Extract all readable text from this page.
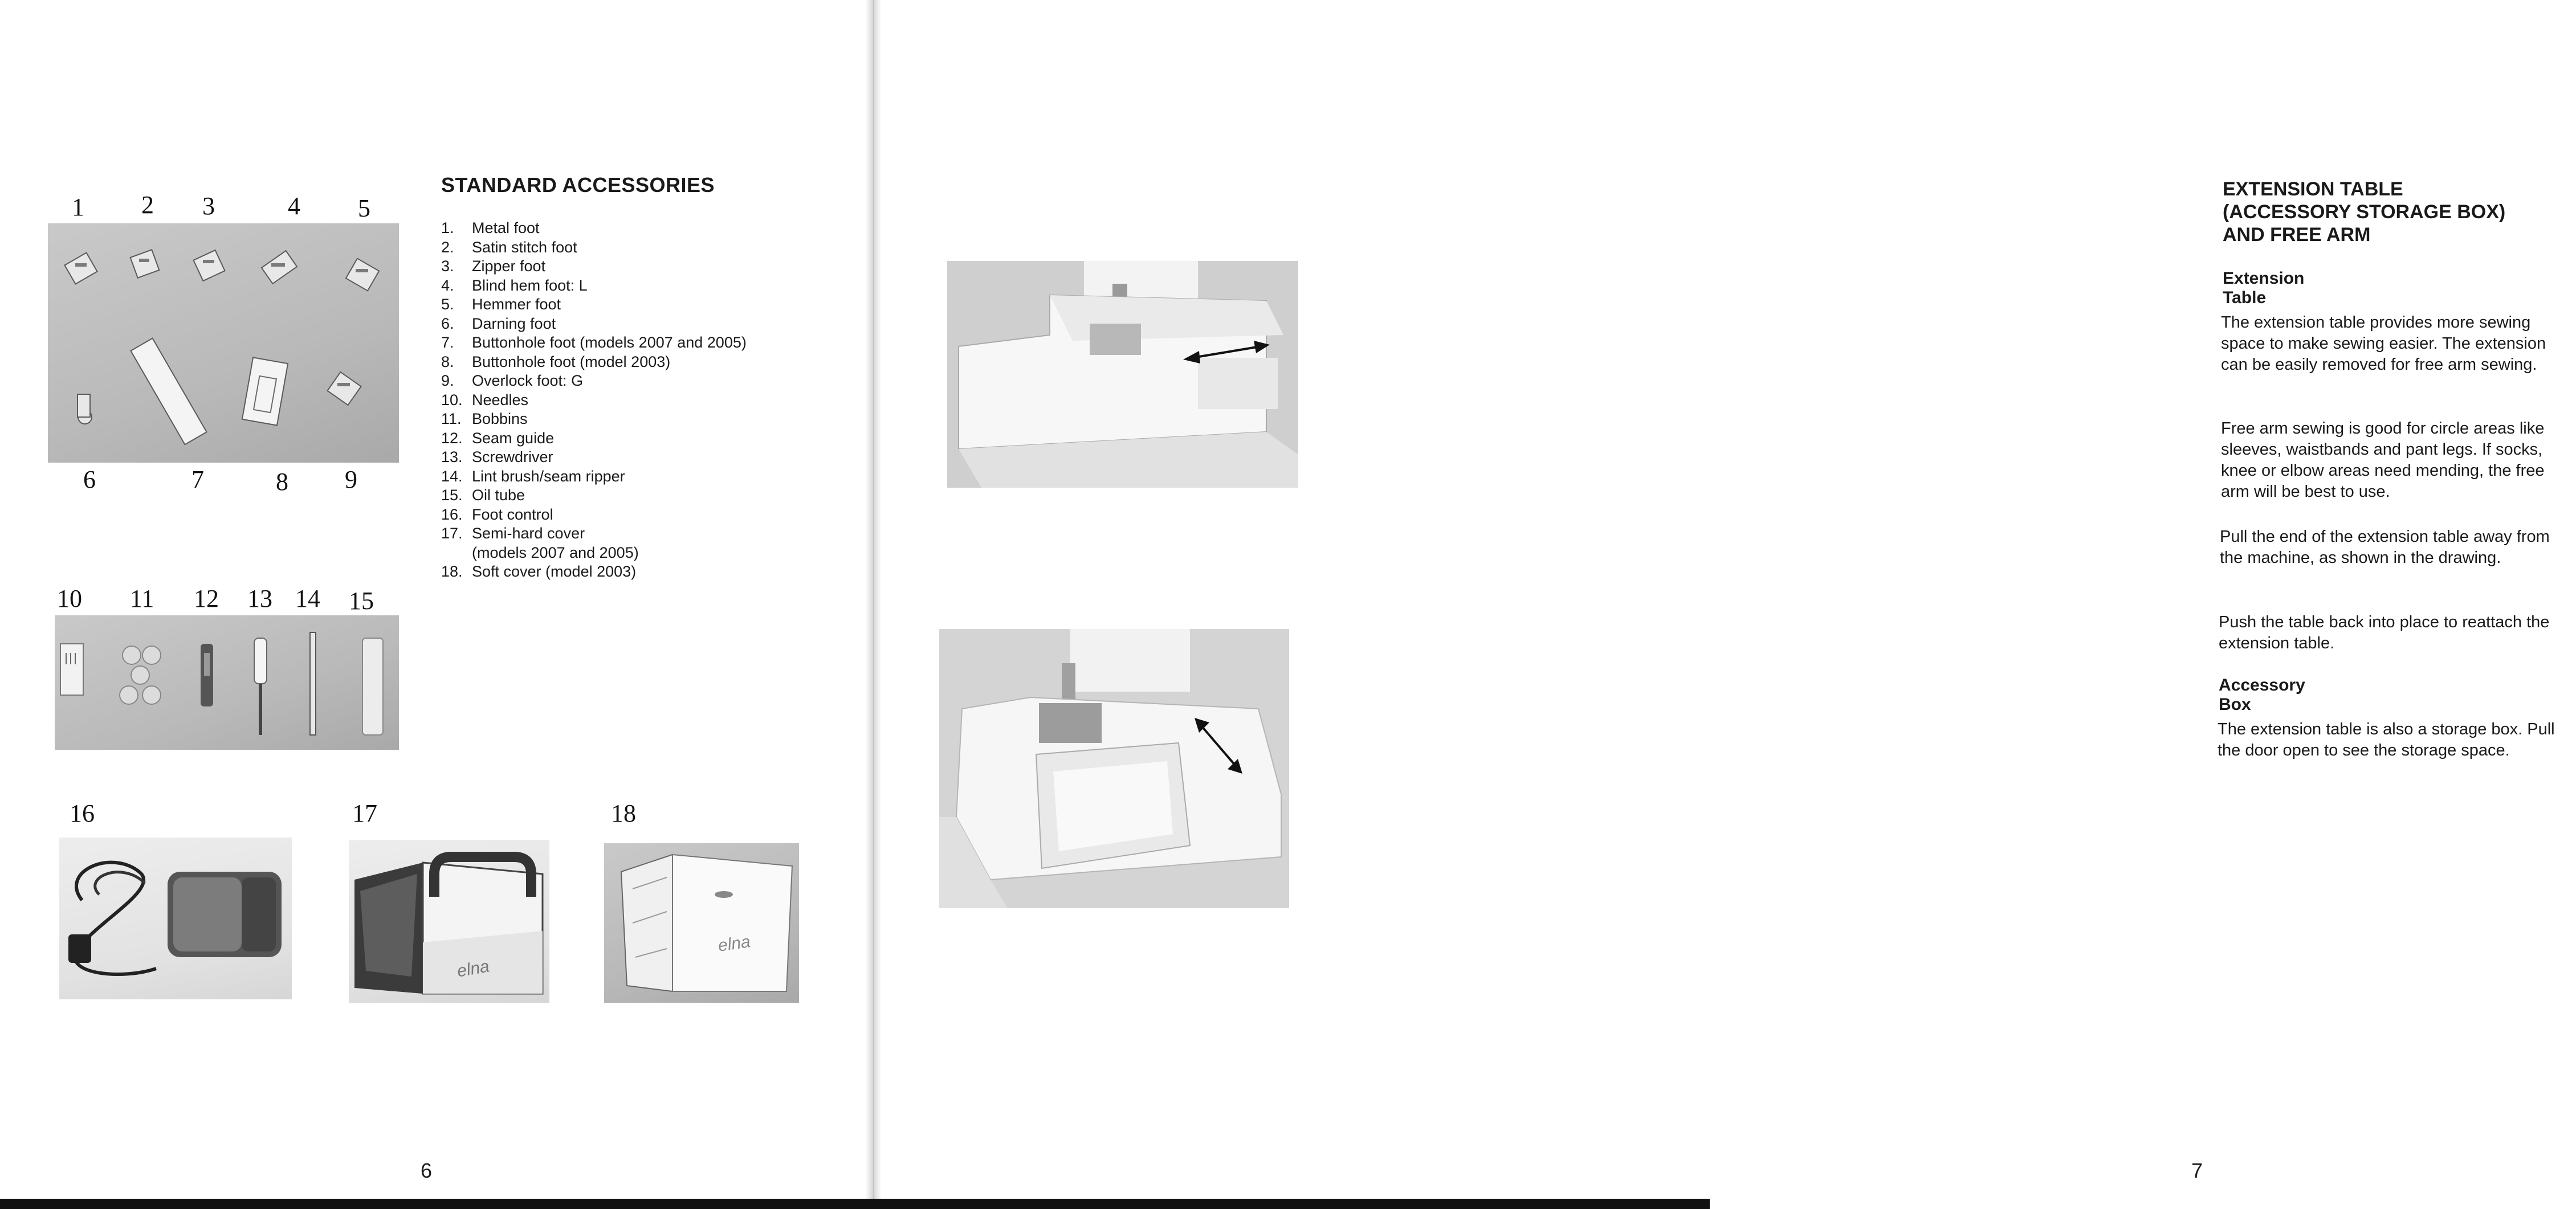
1 2 3	4 5
6	7	8 9
10 11 12 13 14 15
16	17	18
elna
elna
STANDARD ACCESSORIES
1.	Metal foot
2.	Satin stitch foot
3.	Zipper foot
4.	Blind hem foot: L
5.	Hemmer foot
6.	Darning foot
7.	Buttonhole foot (models 2007 and 2005)
8.	Buttonhole foot (model 2003)
9.	Overlock foot: G
10. Needles
11. Bobbins
12. Seam guide
13. Screwdriver
14. Lint brush/seam ripper
15. Oil tube
16. Foot control
17. Semi-hard cover
(models 2007 and 2005)
18. Soft cover (model 2003)
6
EXTENSION TABLE
(ACCESSORY STORAGE BOX)
AND FREE ARM
Extension Table
The extension table provides more sewing space to make sewing easier. The extension can be easily removed for free arm sewing.
Free arm sewing is good for circle areas like sleeves, waistbands and pant legs. If socks, knee or elbow areas need mending, the free arm will be best to use.
Pull the end of the extension table away from the machine, as shown in the drawing.
Push the table back into place to reattach the extension table.
Accessory Box
The extension table is also a storage box. Pull the door open to see the storage space.
7
